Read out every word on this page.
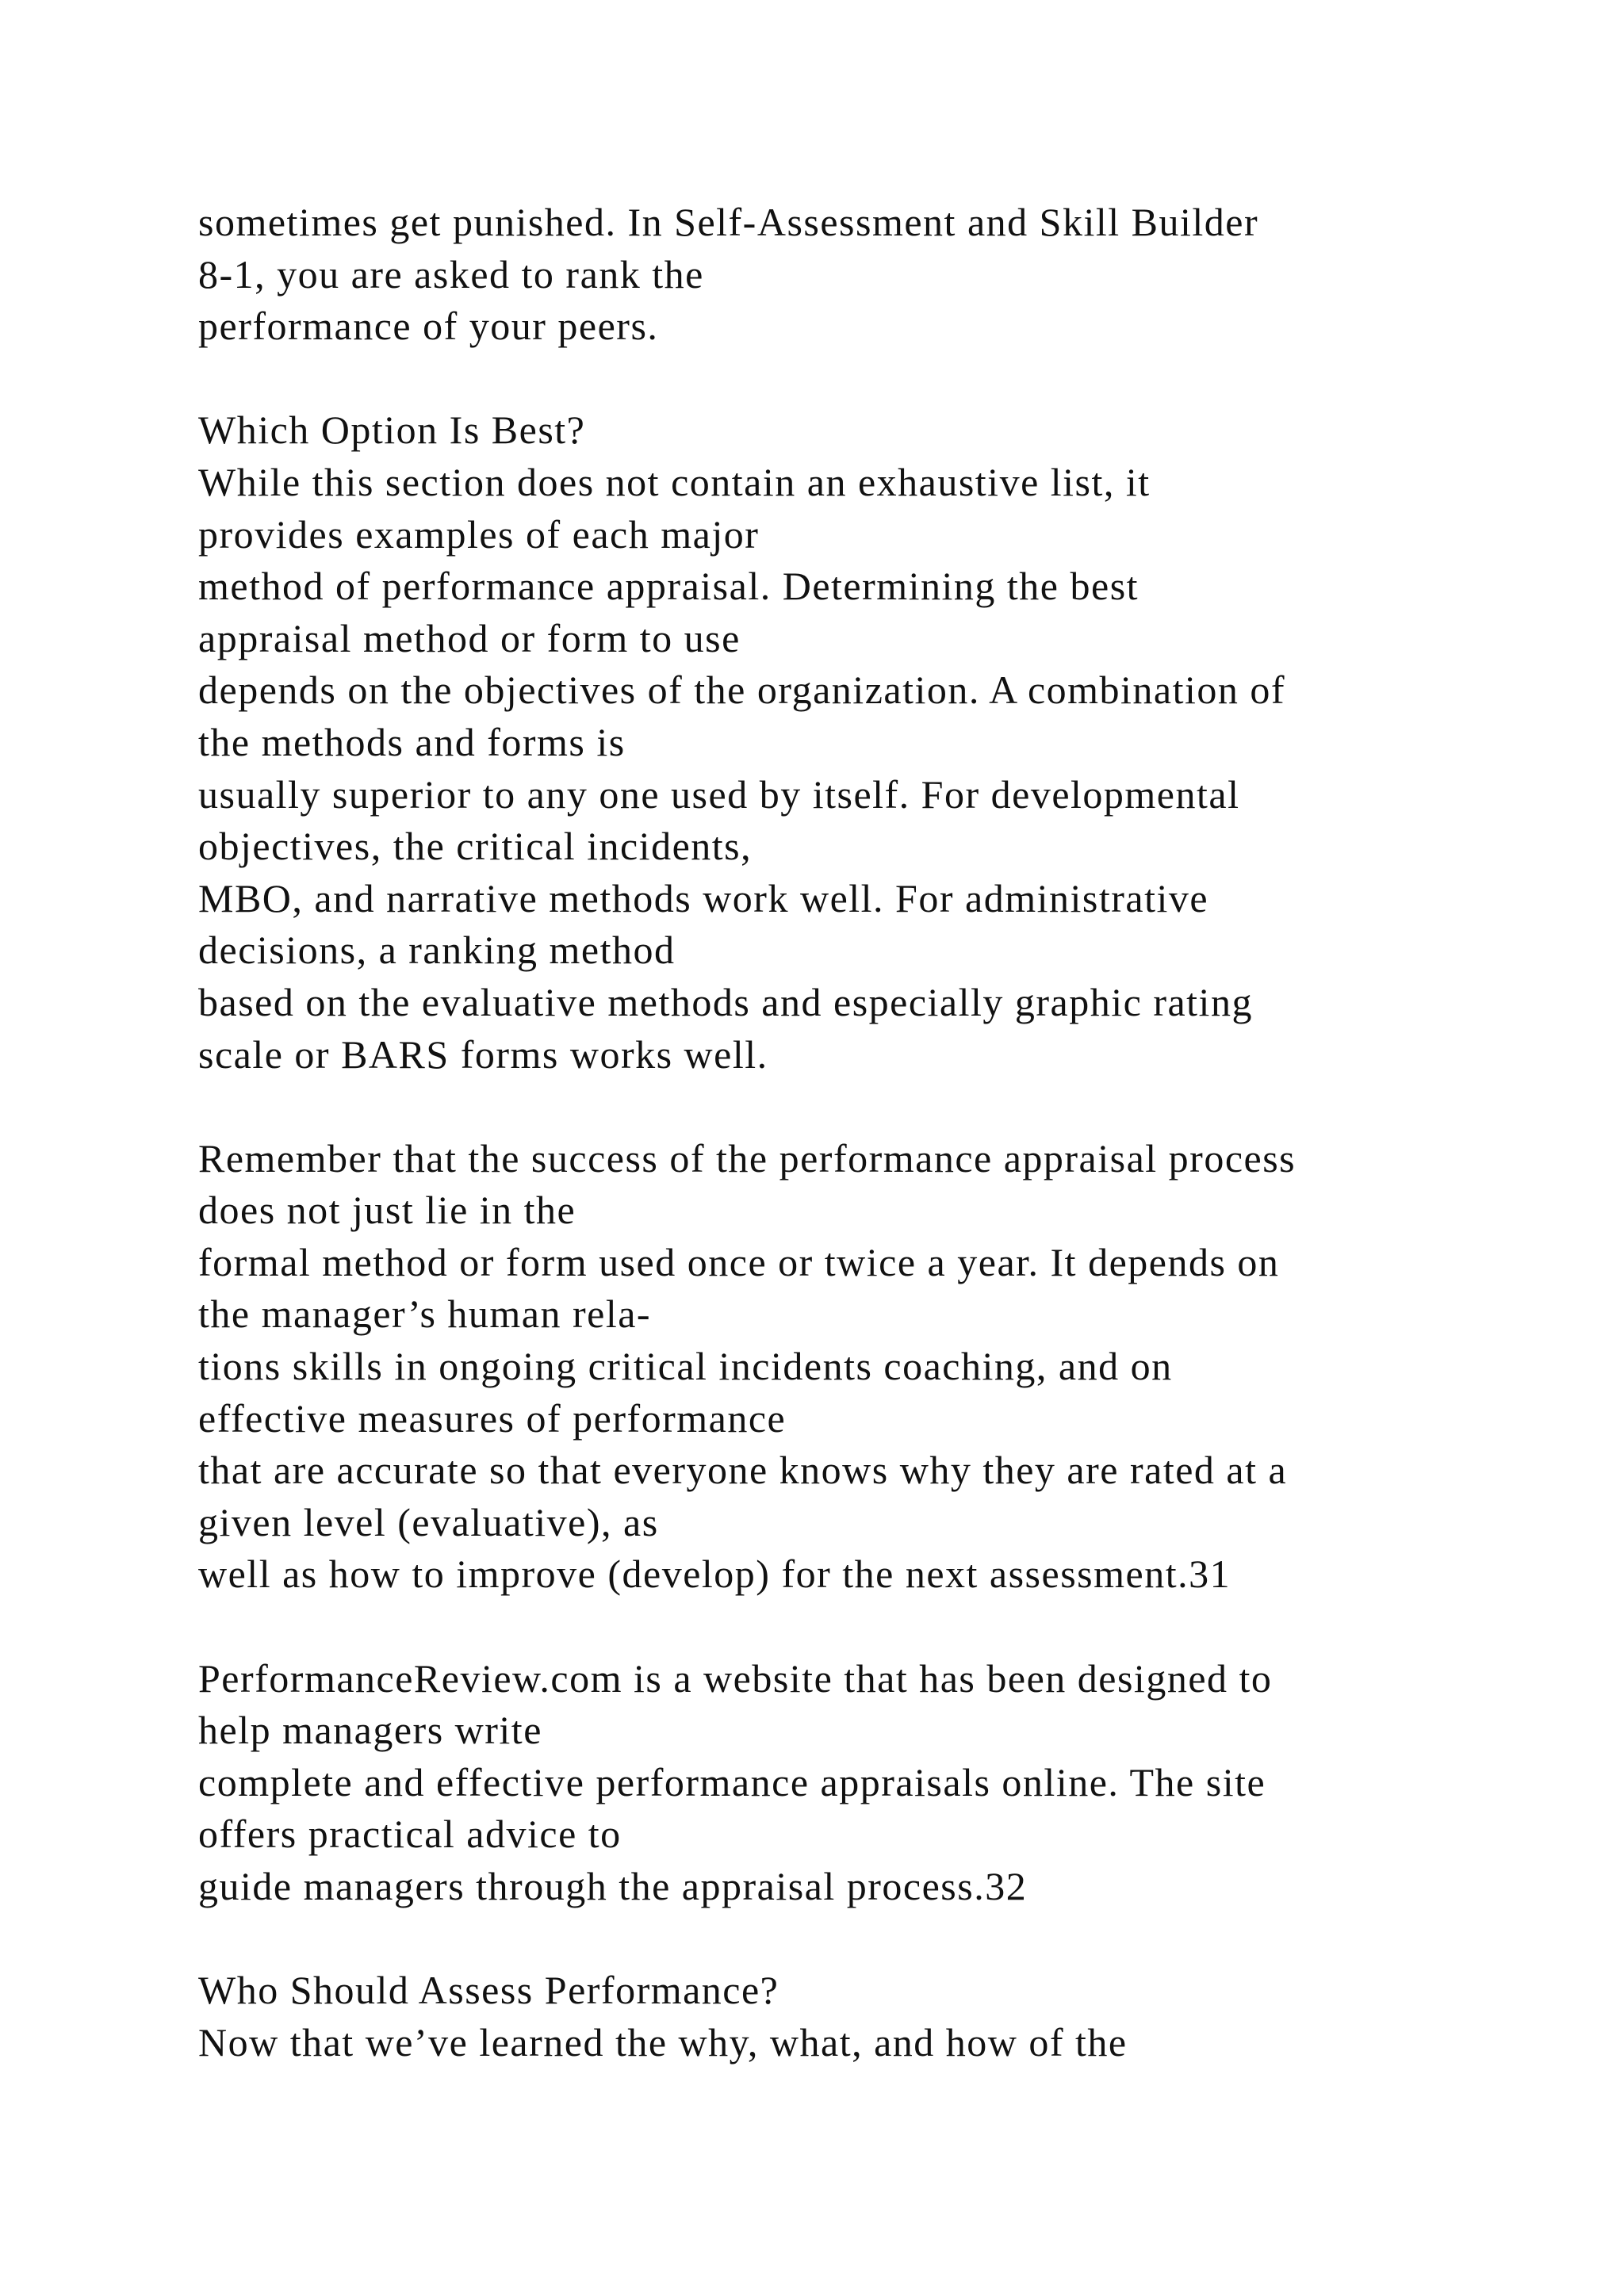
sometimes get punished. In Self-Assessment and Skill Builder
8-1, you are asked to rank the
performance of your peers.
Which Option Is Best?
While this section does not contain an exhaustive list, it
provides examples of each major
method of performance appraisal. Determining the best
appraisal method or form to use
depends on the objectives of the organization. A combination of
the methods and forms is
usually superior to any one used by itself. For developmental
objectives, the critical incidents,
MBO, and narrative methods work well. For administrative
decisions, a ranking method
based on the evaluative methods and especially graphic rating
scale or BARS forms works well.
Remember that the success of the performance appraisal process
does not just lie in the
formal method or form used once or twice a year. It depends on
the manager’s human rela-
tions skills in ongoing critical incidents coaching, and on
effective measures of performance
that are accurate so that everyone knows why they are rated at a
given level (evaluative), as
well as how to improve (develop) for the next assessment.31
PerformanceReview.com is a website that has been designed to
help managers write
complete and effective performance appraisals online. The site
offers practical advice to
guide managers through the appraisal process.32
Who Should Assess Performance?
Now that we’ve learned the why, what, and how of the
